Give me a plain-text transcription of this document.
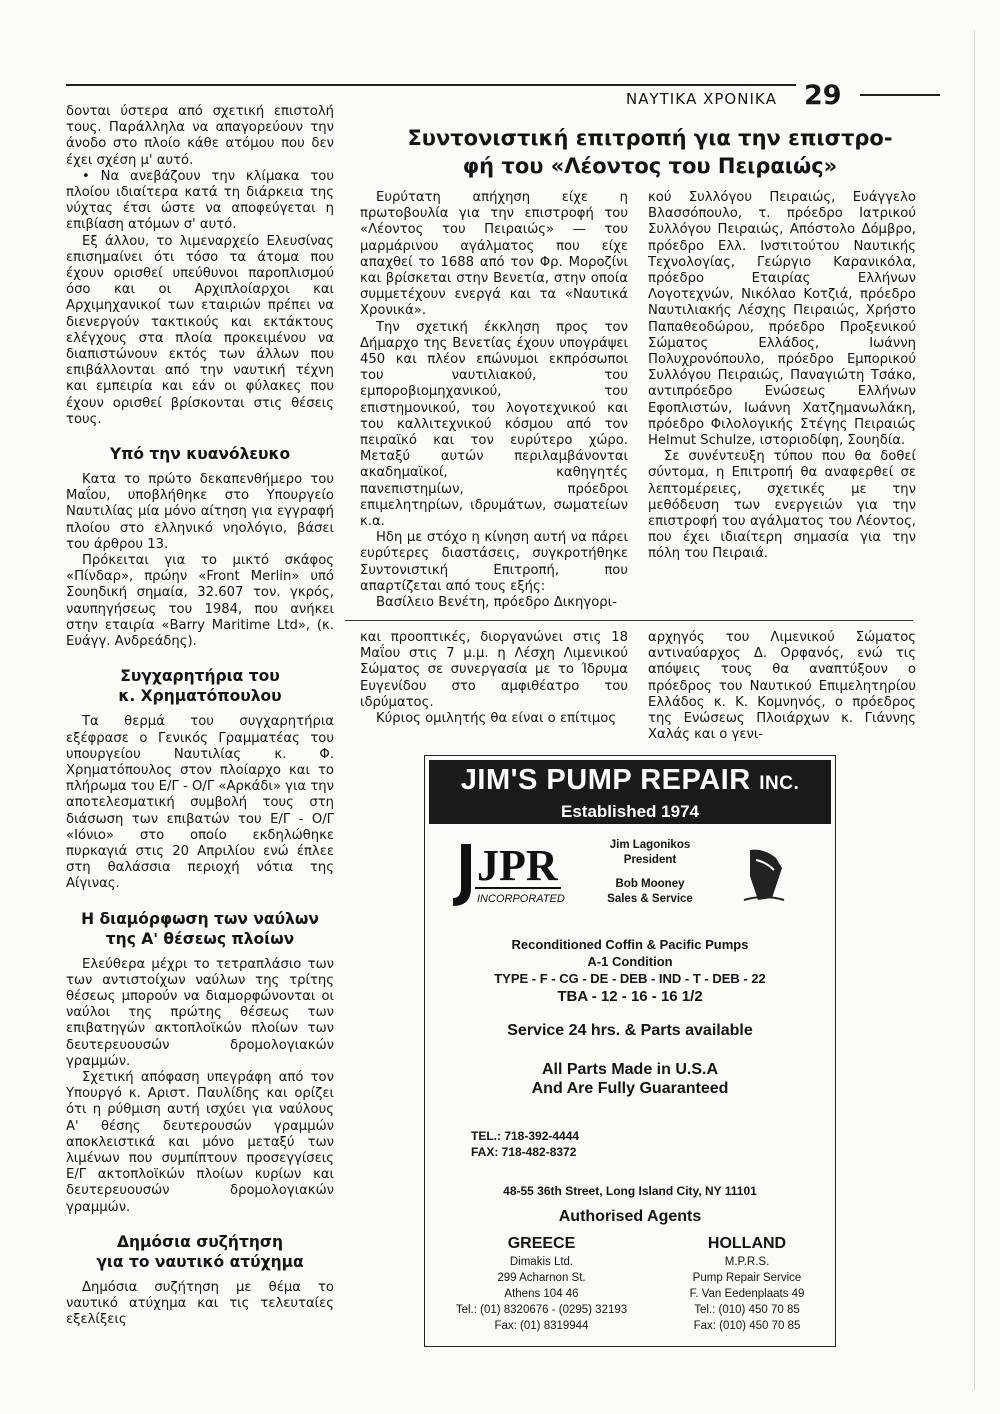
ΝΑΥΤΙΚΑ ΧΡΟΝΙΚΑ 29

δονται ύστερα από σχετική επιστολή τους. Παράλληλα να απαγορεύουν την άνοδο στο πλοίο κάθε ατόμου που δεν έχει σχέση μ' αυτό.

• Να ανεβάζουν την κλίμακα του πλοίου ιδιαίτερα κατά τη διάρκεια της νύχτας έτσι ώστε να αποφεύγεται η επιβίαση ατόμων σ' αυτό.

Εξ άλλου, το λιμεναρχείο Ελευσίνας επισημαίνει ότι τόσο τα άτομα που έχουν ορισθεί υπεύθυνοι παροπλισμού όσο και οι Αρχιπλοίαρχοι και Αρχιμηχανικοί των εταιριών πρέπει να διενεργούν τακτικούς και εκτάκτους ελέγχους στα πλοία προκειμένου να διαπιστώνουν εκτός των άλλων που επιβάλλονται από την ναυτική τέχνη και εμπειρία και εάν οι φύλακες που έχουν ορισθεί βρίσκονται στις θέσεις τους.

Υπό την κυανόλευκο

Κατα το πρώτο δεκαπενθήμερο του Μαΐου, υποβλήθηκε στο Υπουργείο Ναυτιλίας μία μόνο αίτηση για εγγραφή πλοίου στο ελληνικό νηολόγιο, βάσει του άρθρου 13.

Πρόκειται για το μικτό σκάφος «Πίνδαρ», πρώην «Front Merlin» υπό Σουηδική σημαία, 32.607 τον. γκρός, ναυπηγήσεως του 1984, που ανήκει στην εταιρία «Barry Maritime Ltd», (κ. Ευάγγ. Ανδρεάδης).

Συγχαρητήρια του
κ. Χρηματόπουλου

Τα θερμά του συγχαρητήρια εξέφρασε ο Γενικός Γραμματέας του υπουργείου Ναυτιλίας κ. Φ. Χρηματόπουλος στον πλοίαρχο και το πλήρωμα του Ε/Γ - Ο/Γ «Αρκάδι» για την αποτελεσματική συμβολή τους στη διάσωση των επιβατών του Ε/Γ - Ο/Γ «Ιόνιο» στο οποίο εκδηλώθηκε πυρκαγιά στις 20 Απριλίου ενώ έπλεε στη θαλάσσια περιοχή νότια της Αίγινας.

Η διαμόρφωση των ναύλων
της Α' θέσεως πλοίων

Ελεύθερα μέχρι το τετραπλάσιο των των αντιστοίχων ναύλων της τρίτης θέσεως μπορούν να διαμορφώνονται οι ναύλοι της πρώτης θέσεως των επιβατηγών ακτοπλοϊκών πλοίων των δευτερευουσών δρομολογιακών γραμμών.

Σχετική απόφαση υπεγράφη από τον Υπουργό κ. Αριστ. Παυλίδης και ορίζει ότι η ρύθμιση αυτή ισχύει για ναύλους Α' θέσης δευτερουσών γραμμών αποκλειστικά και μόνο μεταξύ των λιμένων που συμπίπτουν προσεγγίσεις Ε/Γ ακτοπλοϊκών πλοίων κυρίων και δευτερευουσών δρομολογιακών γραμμών.

Δημόσια συζήτηση
για το ναυτικό ατύχημα

Δημόσια συζήτηση με θέμα το ναυτικό ατύχημα και τις τελευταίες εξελίξεις

Συντονιστική επιτροπή για την επιστρο-
φή του «Λέοντος του Πειραιώς»

Ευρύτατη απήχηση είχε η πρωτοβουλία για την επιστροφή του «Λέοντος του Πειραιώς» — του μαρμάρινου αγάλματος που είχε απαχθεί το 1688 από τον Φρ. Μοροζίνι και βρίσκεται στην Βενετία, στην οποία συμμετέχουν ενεργά και τα «Ναυτικά Χρονικά».

Την σχετική έκκληση προς τον Δήμαρχο της Βενετίας έχουν υπογράψει 450 και πλέον επώνυμοι εκπρόσωποι του ναυτιλιακού, του εμποροβιομηχανικού, του επιστημονικού, του λογοτεχνικού και του καλλιτεχνικού κόσμου από τον πειραϊκό και τον ευρύτερο χώρο. Μεταξύ αυτών περιλαμβάνονται ακαδημαϊκοί, καθηγητές πανεπιστημίων, πρόεδροι επιμελητηρίων, ιδρυμάτων, σωματείων κ.α.

Ηδη με στόχο η κίνηση αυτή να πάρει ευρύτερες διαστάσεις, συγκροτήθηκε Συντονιστική Επιτροπή, που απαρτίζεται από τους εξής:

Βασίλειο Βενέτη, πρόεδρο Δικηγορι-

κού Συλλόγου Πειραιώς, Ευάγγελο Βλασσόπουλο, τ. πρόεδρο Ιατρικού Συλλόγου Πειραιώς, Απόστολο Δόμβρο, πρόεδρο Ελλ. Ινστιτούτου Ναυτικής Τεχνολογίας, Γεώργιο Καρανικόλα, πρόεδρο Εταιρίας Ελλήνων Λογοτεχνών, Νικόλαο Κοτζιά, πρόεδρο Ναυτιλιακής Λέσχης Πειραιώς, Χρήστο Παπαθεοδώρου, πρόεδρο Προξενικού Σώματος Ελλάδος, Ιωάννη Πολυχρονόπουλο, πρόεδρο Εμπορικού Συλλόγου Πειραιώς, Παναγιώτη Τσάκο, αντιπρόεδρο Ενώσεως Ελλήνων Εφοπλιστών, Ιωάννη Χατζημανωλάκη, πρόεδρο Φιλολογικής Στέγης Πειραιώς Helmut Schulze, ιστοριοδίφη, Σουηδία.

Σε συνέντευξη τύπου που θα δοθεί σύντομα, η Επιτροπή θα αναφερθεί σε λεπτομέρειες, σχετικές με την μεθόδευση των ενεργειών για την επιστροφή του αγάλματος του Λέοντος, που έχει ιδιαίτερη σημασία για την πόλη του Πειραιά.

και προοπτικές, διοργανώνει στις 18 Μαΐου στις 7 μ.μ. η Λέσχη Λιμενικού Σώματος σε συνεργασία με το Ίδρυμα Ευγενίδου στο αμφιθέατρο του ιδρύματος.

Κύριος ομιλητής θα είναι ο επίτιμος

αρχηγός του Λιμενικού Σώματος αντιναύαρχος Δ. Ορφανός, ενώ τις απόψεις τους θα αναπτύξουν ο πρόεδρος του Ναυτικού Επιμελητηρίου Ελλάδος κ. Κ. Κομνηνός, ο πρόεδρος της Ενώσεως Πλοιάρχων κ. Γιάννης Χαλάς και ο γενι-

JIM'S PUMP REPAIR INC.
Established 1974
JPR
INCORPORATED
Jim Lagonikos
President
Bob Mooney
Sales & Service
Reconditioned Coffin & Pacific Pumps
A-1 Condition
TYPE - F - CG - DE - DEB - IND - T - DEB - 22
TBA - 12 - 16 - 16 1/2
Service 24 hrs. & Parts available
All Parts Made in U.S.A
And Are Fully Guaranteed
TEL.: 718-392-4444
FAX: 718-482-8372
48-55 36th Street, Long Island City, NY 11101
Authorised Agents
GREECE
Dimakis Ltd.
299 Acharnon St.
Athens 104 46
Tel.: (01) 8320676 - (0295) 32193
Fax: (01) 8319944
HOLLAND
M.P.R.S.
Pump Repair Service
F. Van Eedenplaats 49
Tel.: (010) 450 70 85
Fax: (010) 450 70 85
